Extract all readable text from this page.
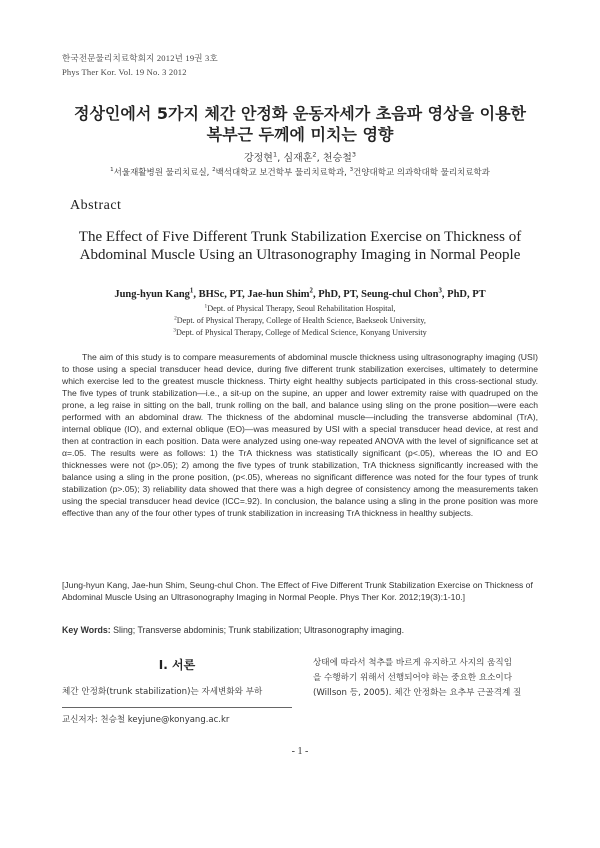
한국전문물리치료학회지 2012년 19권 3호
Phys Ther Kor. Vol. 19 No. 3 2012
정상인에서 5가지 체간 안정화 운동자세가 초음파 영상을 이용한
복부근 두께에 미치는 영향
강정현$^1$, 심재훈$^2$, 천승철$^3$
$^1$서울재활병원 물리치료실, $^2$백석대학교 보건학부 물리치료학과, $^3$건양대학교 의과학대학 물리치료학과
Abstract
The Effect of Five Different Trunk Stabilization Exercise on Thickness of Abdominal Muscle Using an Ultrasonography Imaging in Normal People
Jung-hyun Kang$^1$, BHSc, PT, Jae-hun Shim$^2$, PhD, PT, Seung-chul Chon$^3$, PhD, PT
$^1$Dept. of Physical Therapy, Seoul Rehabilitation Hospital,
$^2$Dept. of Physical Therapy, College of Health Science, Baekseok University,
$^3$Dept. of Physical Therapy, College of Medical Science, Konyang University
The aim of this study is to compare measurements of abdominal muscle thickness using ultrasonography imaging (USI) to those using a special transducer head device, during five different trunk stabilization exercises, ultimately to determine which exercise led to the greatest muscle thickness. Thirty eight healthy subjects participated in this cross-sectional study. The five types of trunk stabilization—i.e., a sit-up on the supine, an upper and lower extremity raise with quadruped on the prone, a leg raise in sitting on the ball, trunk rolling on the ball, and balance using sling on the prone position—were each performed with an abdominal draw. The thickness of the abdominal muscle—including the transverse abdominal (TrA), internal oblique (IO), and external oblique (EO)—was measured by USI with a special transducer head device, at rest and then at contraction in each position. Data were analyzed using one-way repeated ANOVA with the level of significance set at α=.05. The results were as follows: 1) the TrA thickness was statistically significant (p<.05), whereas the IO and EO thicknesses were not (p>.05); 2) among the five types of trunk stabilization, TrA thickness significantly increased with the balance using a sling in the prone position, (p<.05), whereas no significant difference was noted for the four types of trunk stabilization (p>.05); 3) reliability data showed that there was a high degree of consistency among the measurements taken using the special transducer head device (ICC=.92). In conclusion, the balance using a sling in the prone position was more effective than any of the four other types of trunk stabilization in increasing TrA thickness in healthy subjects.
[Jung-hyun Kang, Jae-hun Shim, Seung-chul Chon. The Effect of Five Different Trunk Stabilization Exercise on Thickness of Abdominal Muscle Using an Ultrasonography Imaging in Normal People. Phys Ther Kor. 2012;19(3):1-10.]
Key Words: Sling; Transverse abdominis; Trunk stabilization; Ultrasonography imaging.
Ⅰ. 서론
체간 안정화(trunk stabilization)는 자세변화와 부하
상태에 따라서 척추를 바르게 유지하고 사지의 움직임
을 수행하기 위해서 선행되어야 하는 중요한 요소이다
(Willson 등, 2005). 체간 안정화는 요추부 근골격계 질
교신저자: 천승철 keyjune@konyang.ac.kr
- 1 -
